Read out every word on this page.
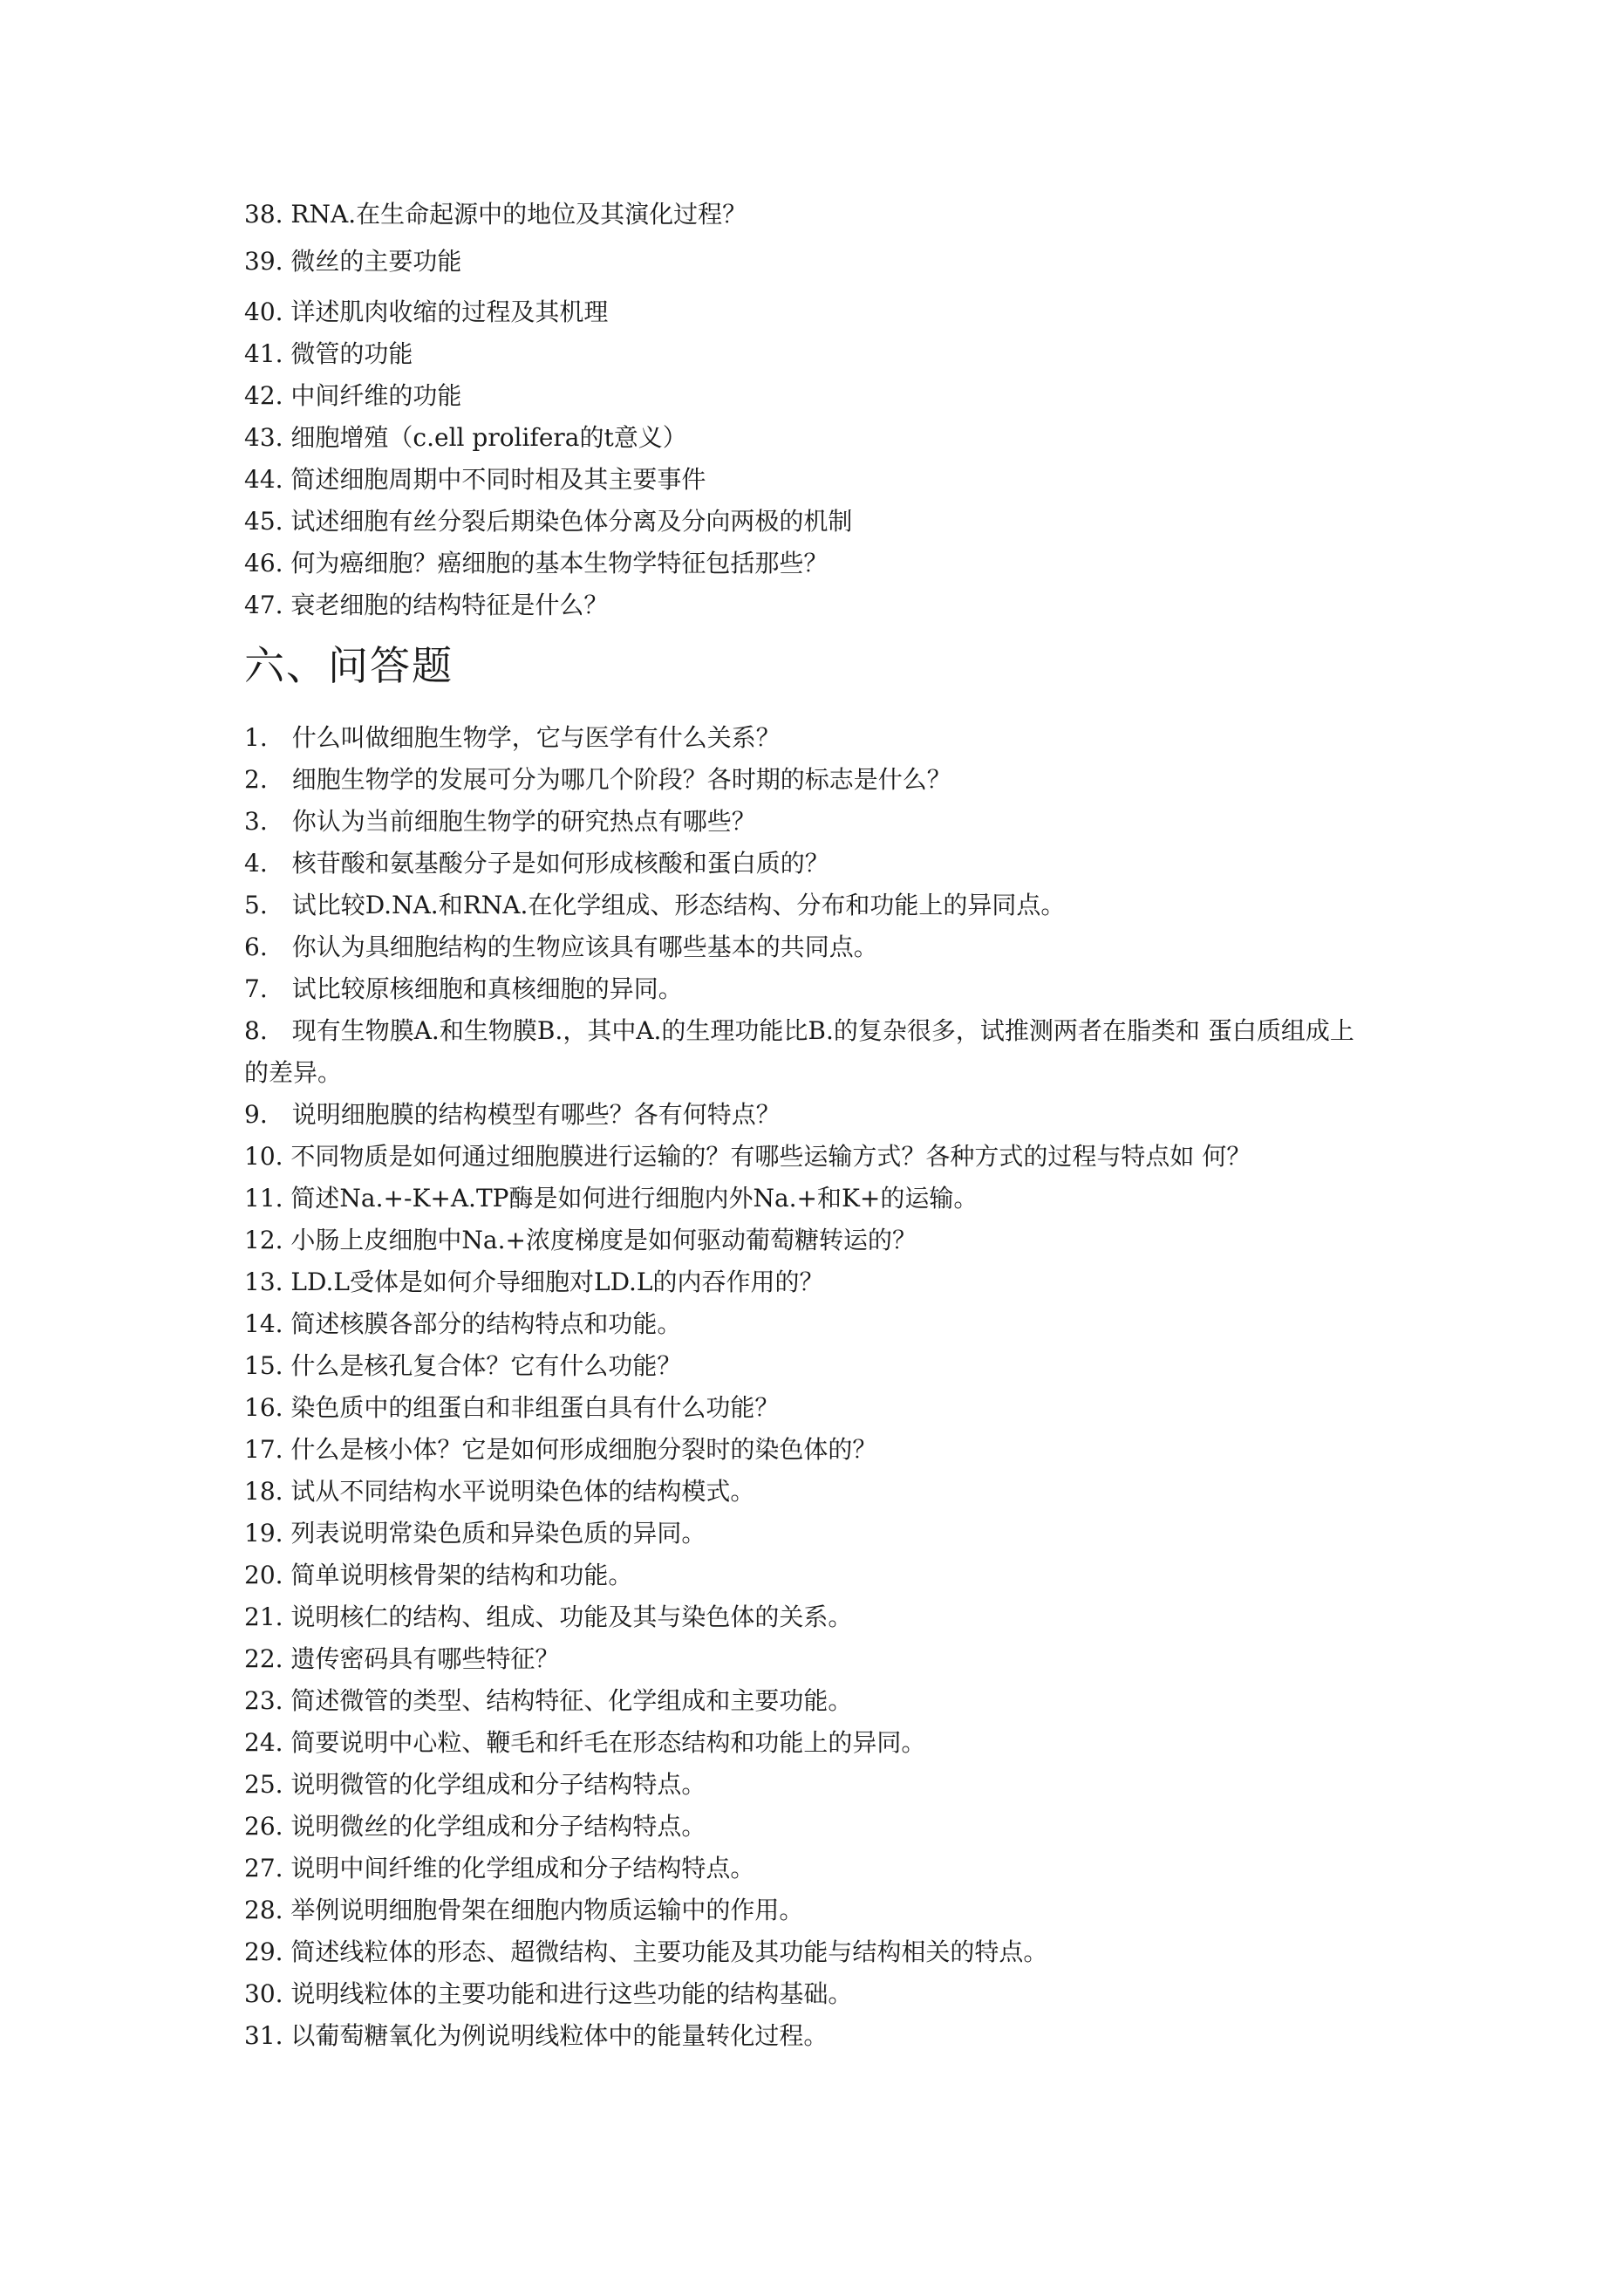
38. RNA.在生命起源中的地位及其演化过程？
39. 微丝的主要功能
40. 详述肌肉收缩的过程及其机理
41. 微管的功能
42. 中间纤维的功能
43. 细胞增殖（c.ell prolifera的t意义）
44. 简述细胞周期中不同时相及其主要事件
45. 试述细胞有丝分裂后期染色体分离及分向两极的机制
46. 何为癌细胞？癌细胞的基本生物学特征包括那些？
47. 衰老细胞的结构特征是什么？
六、问答题
1.　什么叫做细胞生物学，它与医学有什么关系？
2.　细胞生物学的发展可分为哪几个阶段？各时期的标志是什么？
3.　你认为当前细胞生物学的研究热点有哪些？
4.　核苷酸和氨基酸分子是如何形成核酸和蛋白质的？
5.　试比较D.NA.和RNA.在化学组成、形态结构、分布和功能上的异同点。
6.　你认为具细胞结构的生物应该具有哪些基本的共同点。
7.　试比较原核细胞和真核细胞的异同。
8.　现有生物膜A.和生物膜B.，其中A.的生理功能比B.的复杂很多，试推测两者在脂类和 蛋白质组成上的差异。
9.　说明细胞膜的结构模型有哪些？各有何特点？
10. 不同物质是如何通过细胞膜进行运输的？有哪些运输方式？各种方式的过程与特点如 何？
11. 简述Na.+-K+A.TP酶是如何进行细胞内外Na.+和K+的运输。
12. 小肠上皮细胞中Na.+浓度梯度是如何驱动葡萄糖转运的？
13. LD.L受体是如何介导细胞对LD.L的内吞作用的？
14. 简述核膜各部分的结构特点和功能。
15. 什么是核孔复合体？它有什么功能？
16. 染色质中的组蛋白和非组蛋白具有什么功能？
17. 什么是核小体？它是如何形成细胞分裂时的染色体的？
18. 试从不同结构水平说明染色体的结构模式。
19. 列表说明常染色质和异染色质的异同。
20. 简单说明核骨架的结构和功能。
21. 说明核仁的结构、组成、功能及其与染色体的关系。
22. 遗传密码具有哪些特征？
23. 简述微管的类型、结构特征、化学组成和主要功能。
24. 简要说明中心粒、鞭毛和纤毛在形态结构和功能上的异同。
25. 说明微管的化学组成和分子结构特点。
26. 说明微丝的化学组成和分子结构特点。
27. 说明中间纤维的化学组成和分子结构特点。
28. 举例说明细胞骨架在细胞内物质运输中的作用。
29. 简述线粒体的形态、超微结构、主要功能及其功能与结构相关的特点。
30. 说明线粒体的主要功能和进行这些功能的结构基础。
31. 以葡萄糖氧化为例说明线粒体中的能量转化过程。
